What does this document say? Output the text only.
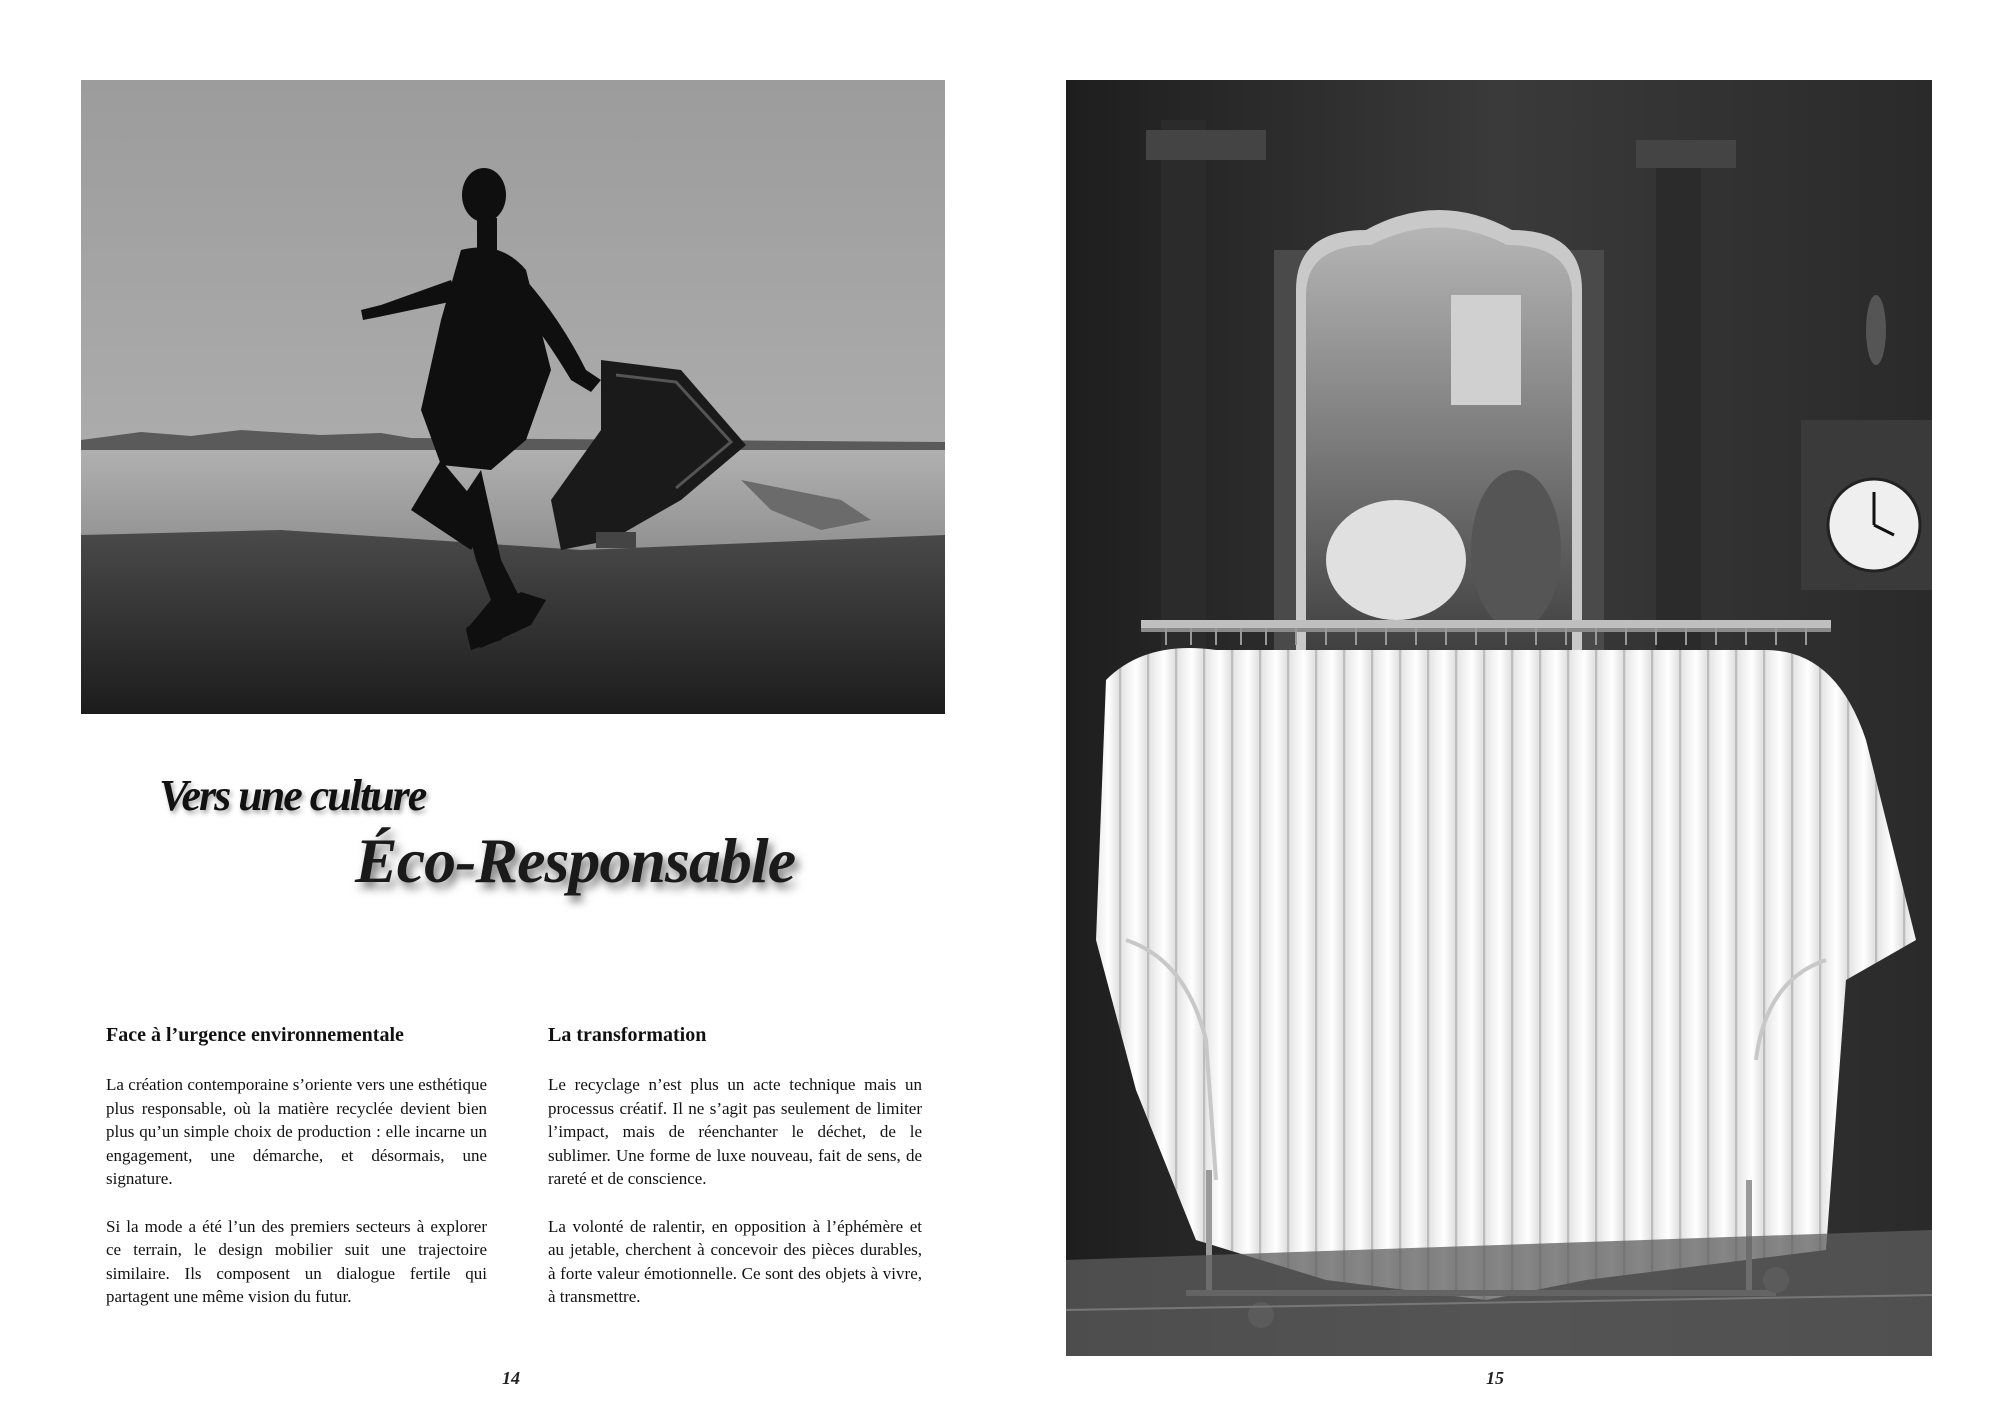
Vers une culture
Éco-Responsable
Face à l’urgence environnementale

La création contemporaine s’oriente vers une esthétique plus responsable, où la matière recyclée devient bien plus qu’un simple choix de production : elle incarne un engagement, une démarche, et désormais, une signature.

Si la mode a été l’un des premiers secteurs à explorer ce terrain, le design mobilier suit une trajectoire similaire. Ils composent un dialogue fertile qui partagent une même vision du futur.

La transformation

Le recyclage n’est plus un acte technique mais un processus créatif. Il ne s’agit pas seulement de limiter l’impact, mais de réenchanter le déchet, de le sublimer. Une forme de luxe nouveau, fait de sens, de rareté et de conscience.

La volonté de ralentir, en opposition à l’éphémère et au jetable, cherchent à concevoir des pièces durables, à forte valeur émotionnelle. Ce sont des objets à vivre, à transmettre.

14	15
